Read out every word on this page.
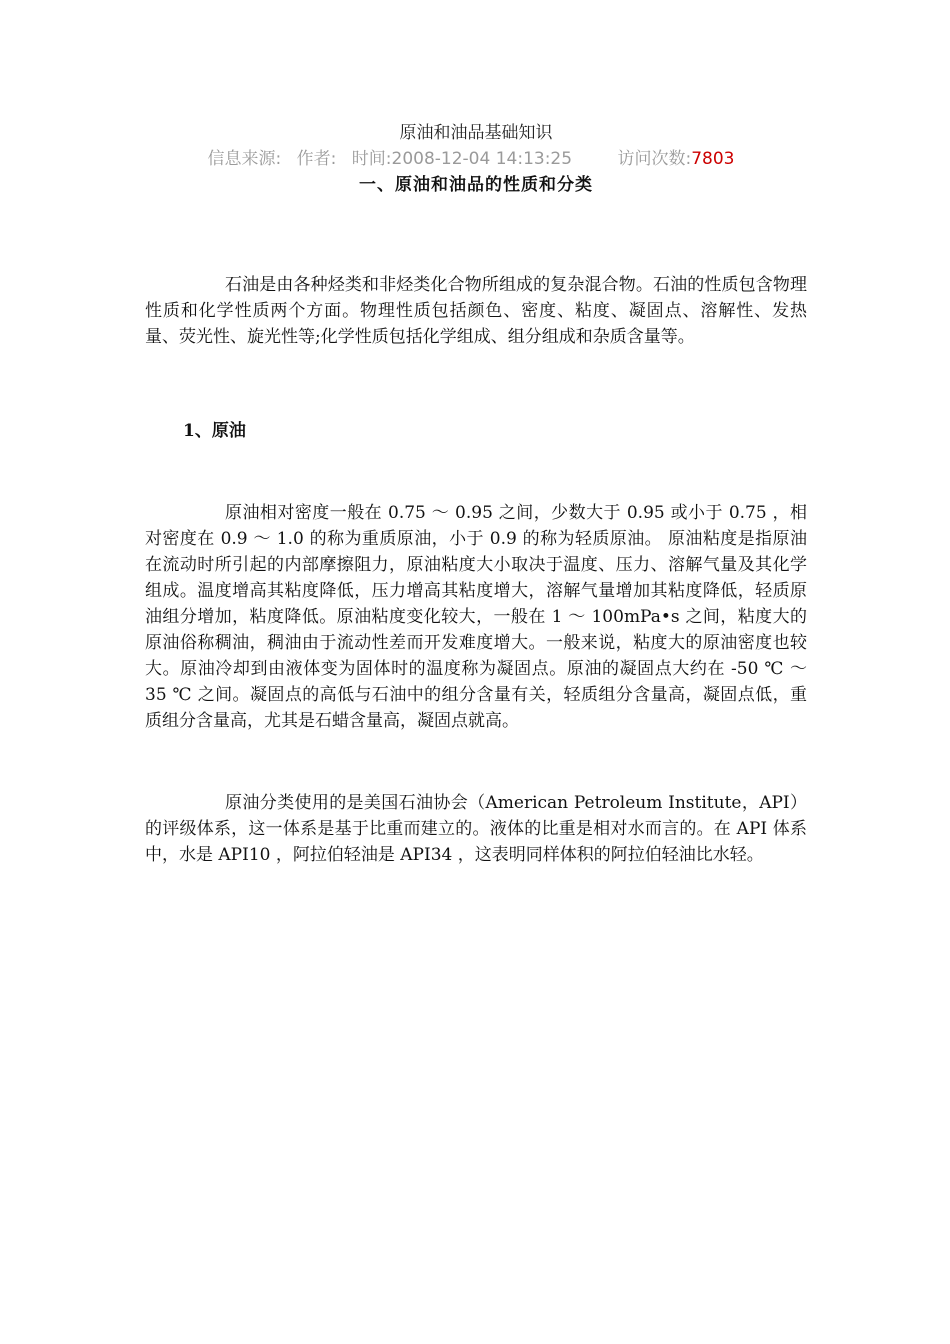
原油和油品基础知识
信息来源: 作者: 时间:2008-12-04 14:13:25	访问次数:7803
一、原油和油品的性质和分类

石油是由各种烃类和非烃类化合物所组成的复杂混合物。石油的性质包含物理性质和化学性质两个方面。物理性质包括颜色、密度、粘度、凝固点、溶解性、发热量、荧光性、旋光性等;化学性质包括化学组成、组分组成和杂质含量等。

1、原油

原油相对密度一般在 0.75 ～ 0.95 之间，少数大于 0.95 或小于 0.75 ，相对密度在 0.9 ～ 1.0 的称为重质原油，小于 0.9 的称为轻质原油。 原油粘度是指原油在流动时所引起的内部摩擦阻力，原油粘度大小取决于温度、压力、溶解气量及其化学组成。温度增高其粘度降低，压力增高其粘度增大，溶解气量增加其粘度降低，轻质原油组分增加，粘度降低。原油粘度变化较大，一般在 1 ～ 100mPa•s 之间，粘度大的原油俗称稠油，稠油由于流动性差而开发难度增大。一般来说，粘度大的原油密度也较大。原油冷却到由液体变为固体时的温度称为凝固点。原油的凝固点大约在 -50 ℃ ～ 35 ℃ 之间。凝固点的高低与石油中的组分含量有关，轻质组分含量高，凝固点低，重质组分含量高，尤其是石蜡含量高，凝固点就高。

原油分类使用的是美国石油协会（American Petroleum Institute，API）的评级体系，这一体系是基于比重而建立的。液体的比重是相对水而言的。在 API 体系中，水是 API10 ，阿拉伯轻油是 API34 ，这表明同样体积的阿拉伯轻油比水轻。
